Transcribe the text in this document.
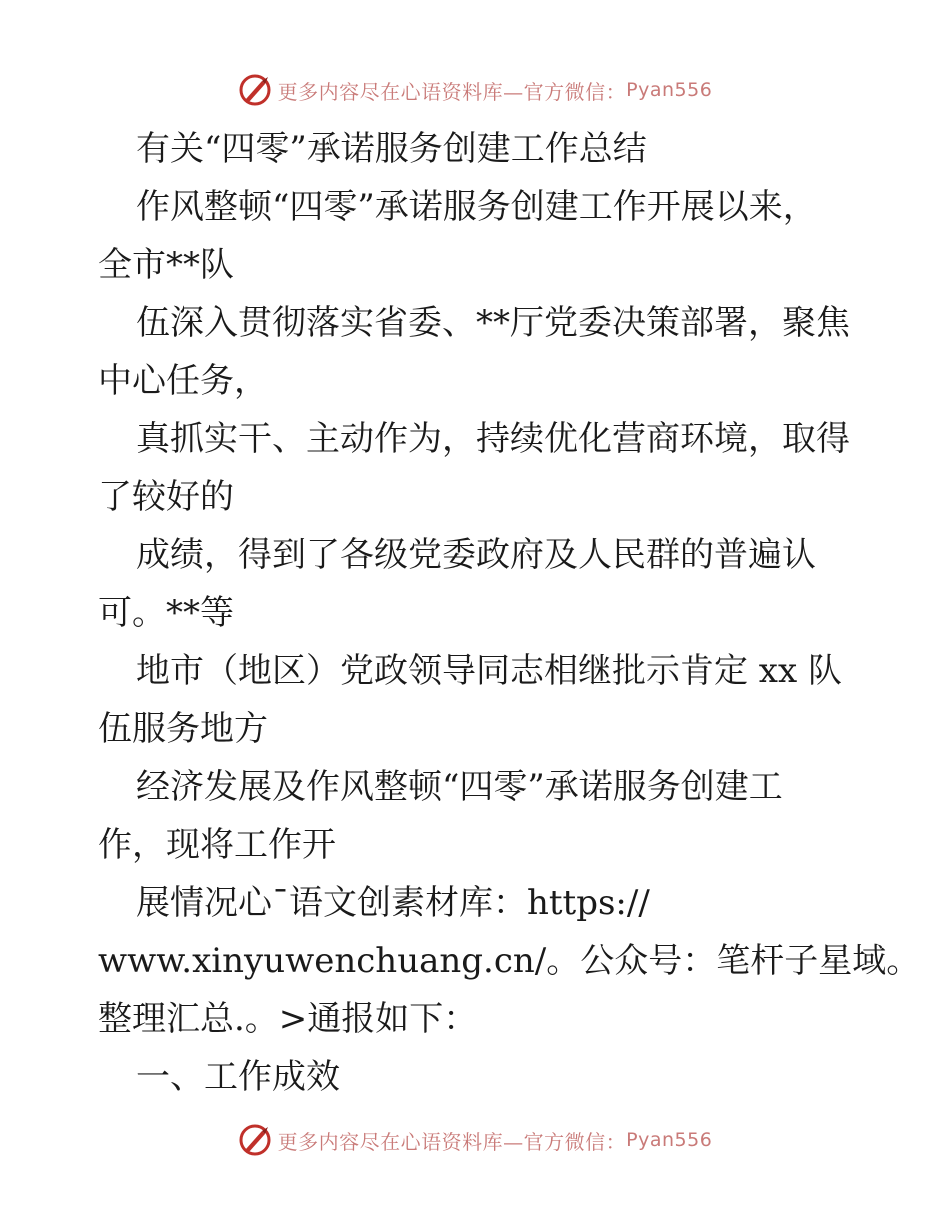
更多内容尽在心语资料库—官方微信： Pyan556
有关“四零”承诺服务创建工作总结
作风整顿“四零”承诺服务创建工作开展以来，
全市**队
伍深入贯彻落实省委、**厅党委决策部署，聚焦
中心任务，
真抓实干、主动作为，持续优化营商环境，取得
了较好的
成绩，得到了各级党委政府及人民群的普遍认
可。**等
地市（地区）党政领导同志相继批示肯定 xx 队
伍服务地方
经济发展及作风整顿“四零”承诺服务创建工
作，现将工作开
展情况心¯语文创素材库：https://
www.xinyuwenchuang.cn/。公众号：笔杆子星域。
整理汇总.。>通报如下：
一、工作成效
更多内容尽在心语资料库—官方微信： Pyan556
